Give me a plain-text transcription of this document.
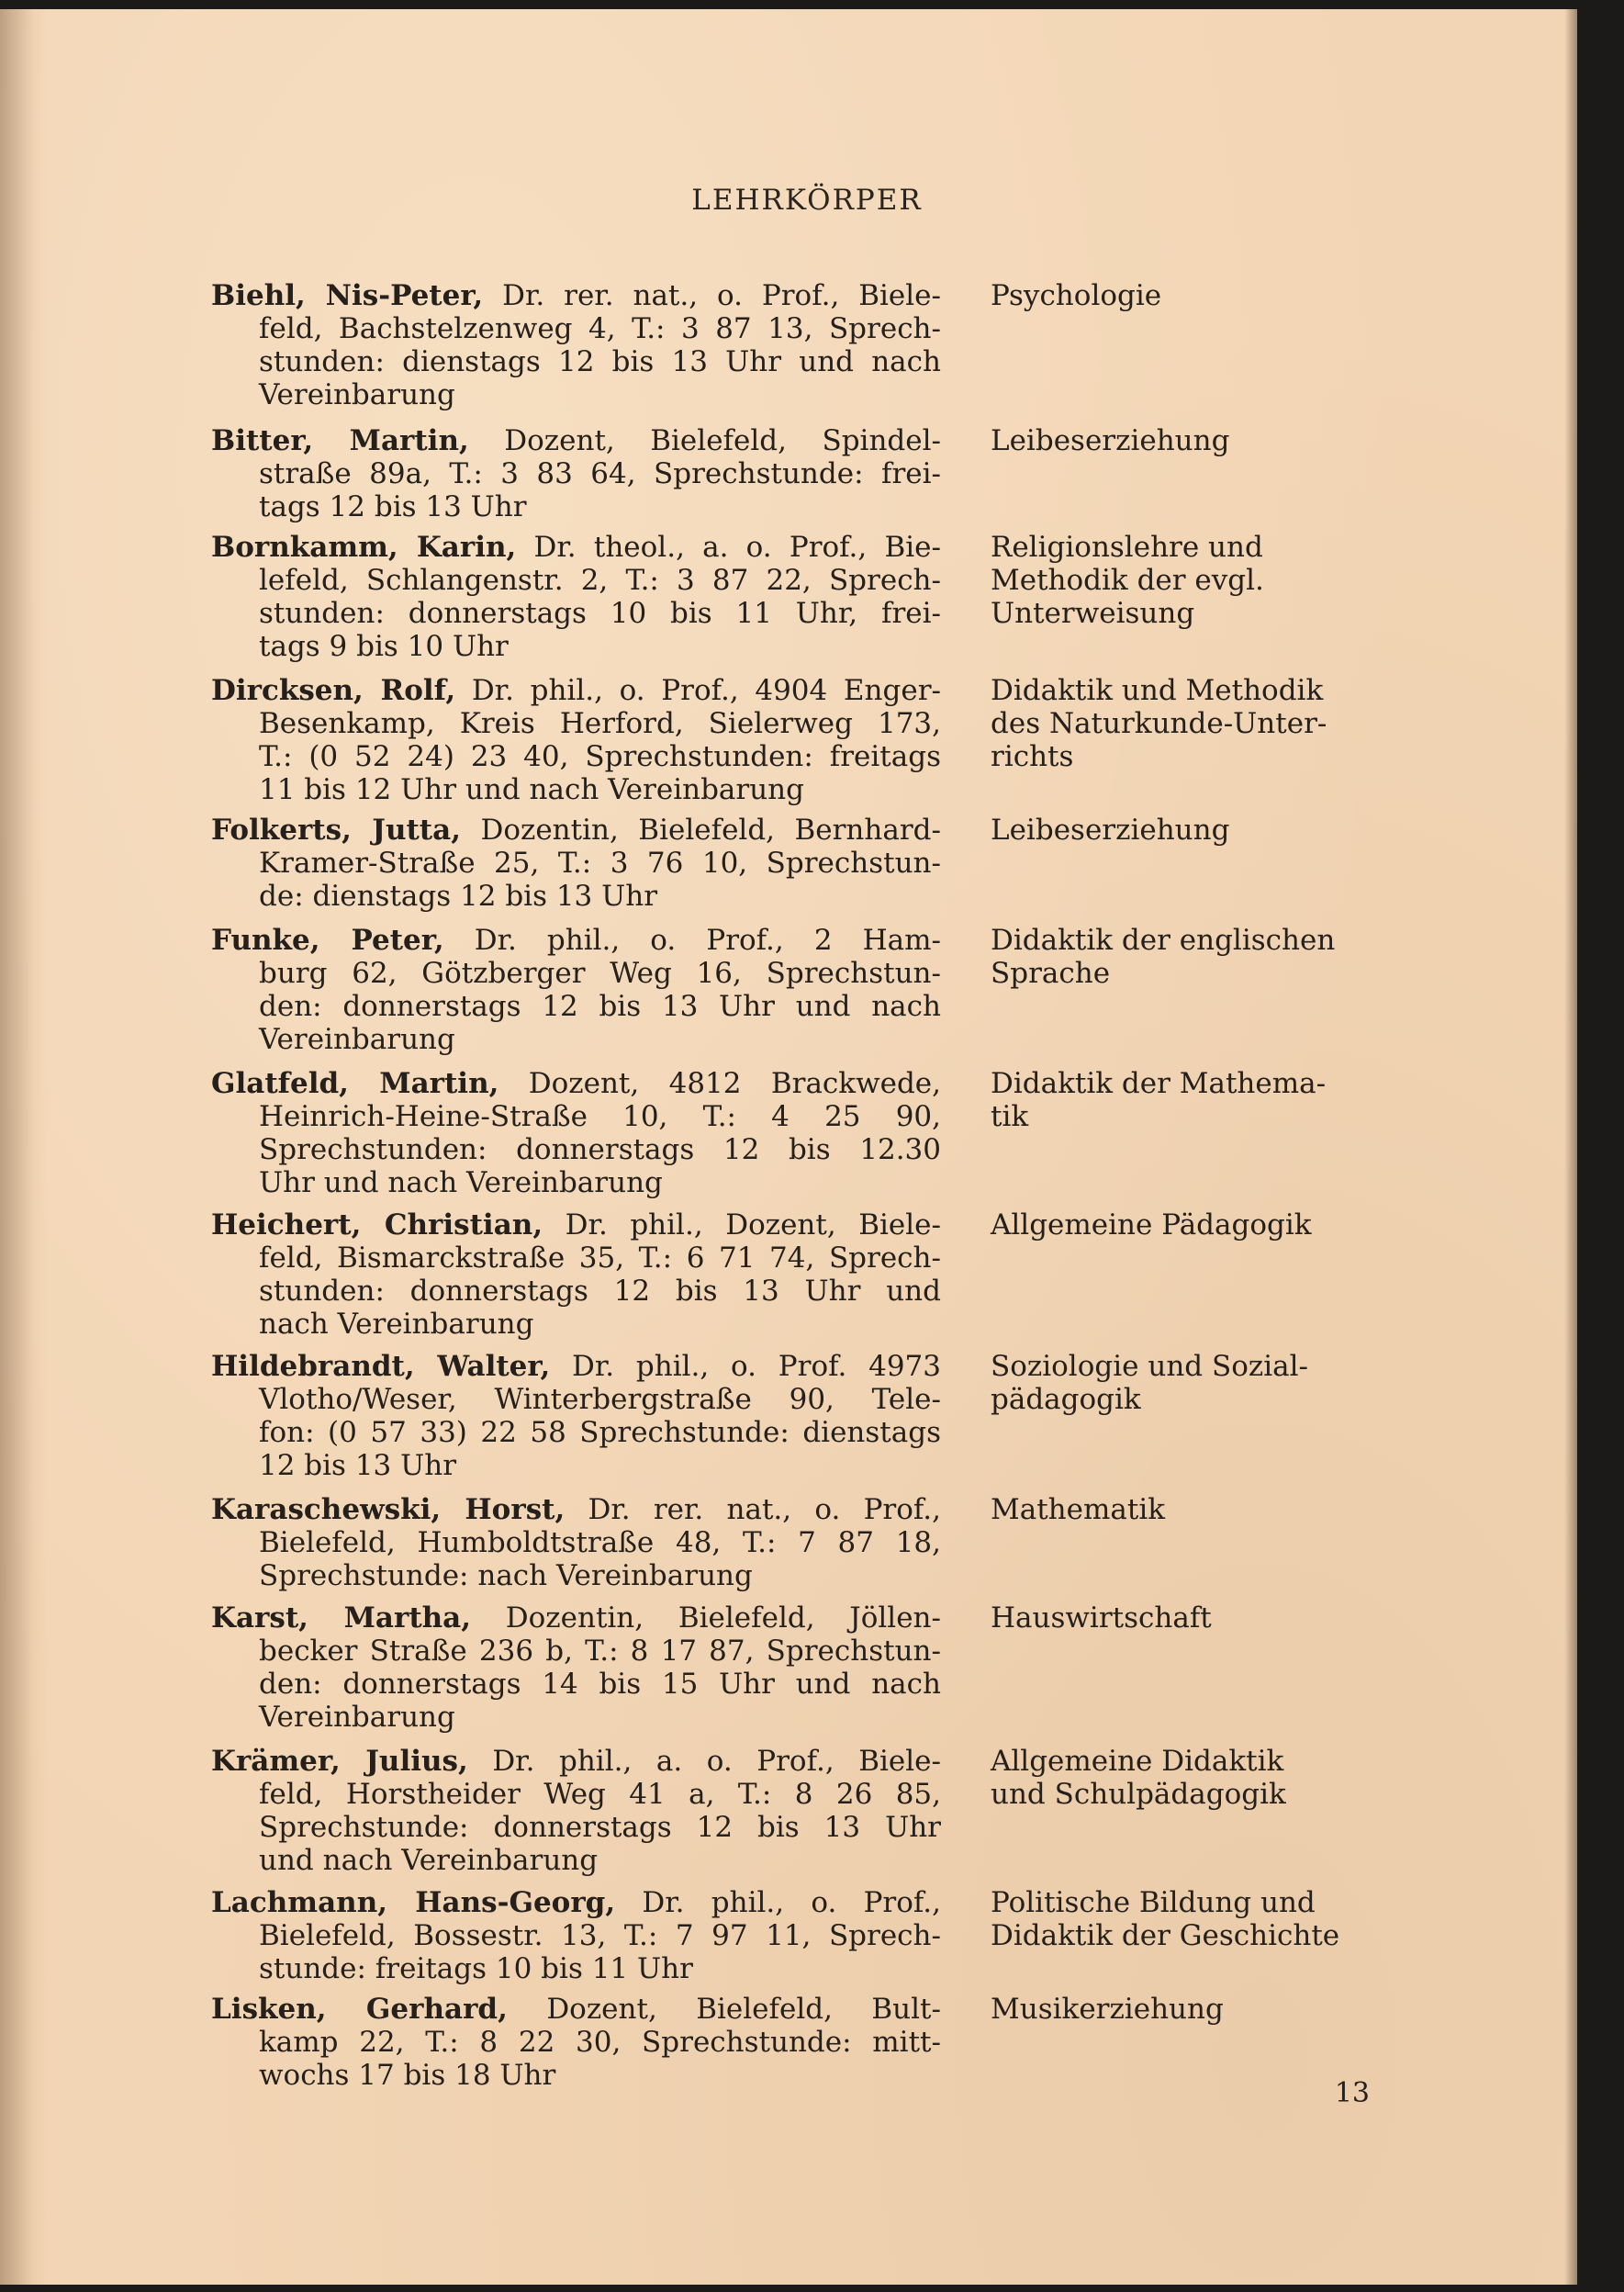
LEHRKÖRPER
Biehl, Nis-Peter, Dr. rer. nat., o. Prof., Biele-
feld, Bachstelzenweg 4, T.: 3 87 13, Sprech-
stunden: dienstags 12 bis 13 Uhr und nach
Vereinbarung
Psychologie
Bitter, Martin, Dozent, Bielefeld, Spindel-
straße 89a, T.: 3 83 64, Sprechstunde: frei-
tags 12 bis 13 Uhr
Leibeserziehung
Bornkamm, Karin, Dr. theol., a. o. Prof., Bie-
lefeld, Schlangenstr. 2, T.: 3 87 22, Sprech-
stunden: donnerstags 10 bis 11 Uhr, frei-
tags 9 bis 10 Uhr
Religionslehre und
Methodik der evgl.
Unterweisung
Dircksen, Rolf, Dr. phil., o. Prof., 4904 Enger-
Besenkamp, Kreis Herford, Sielerweg 173,
T.: (0 52 24) 23 40, Sprechstunden: freitags
11 bis 12 Uhr und nach Vereinbarung
Didaktik und Methodik
des Naturkunde-Unter-
richts
Folkerts, Jutta, Dozentin, Bielefeld, Bernhard-
Kramer-Straße 25, T.: 3 76 10, Sprechstun-
de: dienstags 12 bis 13 Uhr
Leibeserziehung
Funke, Peter, Dr. phil., o. Prof., 2 Ham-
burg 62, Götzberger Weg 16, Sprechstun-
den: donnerstags 12 bis 13 Uhr und nach
Vereinbarung
Didaktik der englischen
Sprache
Glatfeld, Martin, Dozent, 4812 Brackwede,
Heinrich-Heine-Straße 10, T.: 4 25 90,
Sprechstunden: donnerstags 12 bis 12.30
Uhr und nach Vereinbarung
Didaktik der Mathema-
tik
Heichert, Christian, Dr. phil., Dozent, Biele-
feld, Bismarckstraße 35, T.: 6 71 74, Sprech-
stunden: donnerstags 12 bis 13 Uhr und
nach Vereinbarung
Allgemeine Pädagogik
Hildebrandt, Walter, Dr. phil., o. Prof. 4973
Vlotho/Weser, Winterbergstraße 90, Tele-
fon: (0 57 33) 22 58 Sprechstunde: dienstags
12 bis 13 Uhr
Soziologie und Sozial-
pädagogik
Karaschewski, Horst, Dr. rer. nat., o. Prof.,
Bielefeld, Humboldtstraße 48, T.: 7 87 18,
Sprechstunde: nach Vereinbarung
Mathematik
Karst, Martha, Dozentin, Bielefeld, Jöllen-
becker Straße 236 b, T.: 8 17 87, Sprechstun-
den: donnerstags 14 bis 15 Uhr und nach
Vereinbarung
Hauswirtschaft
Krämer, Julius, Dr. phil., a. o. Prof., Biele-
feld, Horstheider Weg 41 a, T.: 8 26 85,
Sprechstunde: donnerstags 12 bis 13 Uhr
und nach Vereinbarung
Allgemeine Didaktik
und Schulpädagogik
Lachmann, Hans-Georg, Dr. phil., o. Prof.,
Bielefeld, Bossestr. 13, T.: 7 97 11, Sprech-
stunde: freitags 10 bis 11 Uhr
Politische Bildung und
Didaktik der Geschichte
Lisken, Gerhard, Dozent, Bielefeld, Bult-
kamp 22, T.: 8 22 30, Sprechstunde: mitt-
wochs 17 bis 18 Uhr
Musikerziehung
13
